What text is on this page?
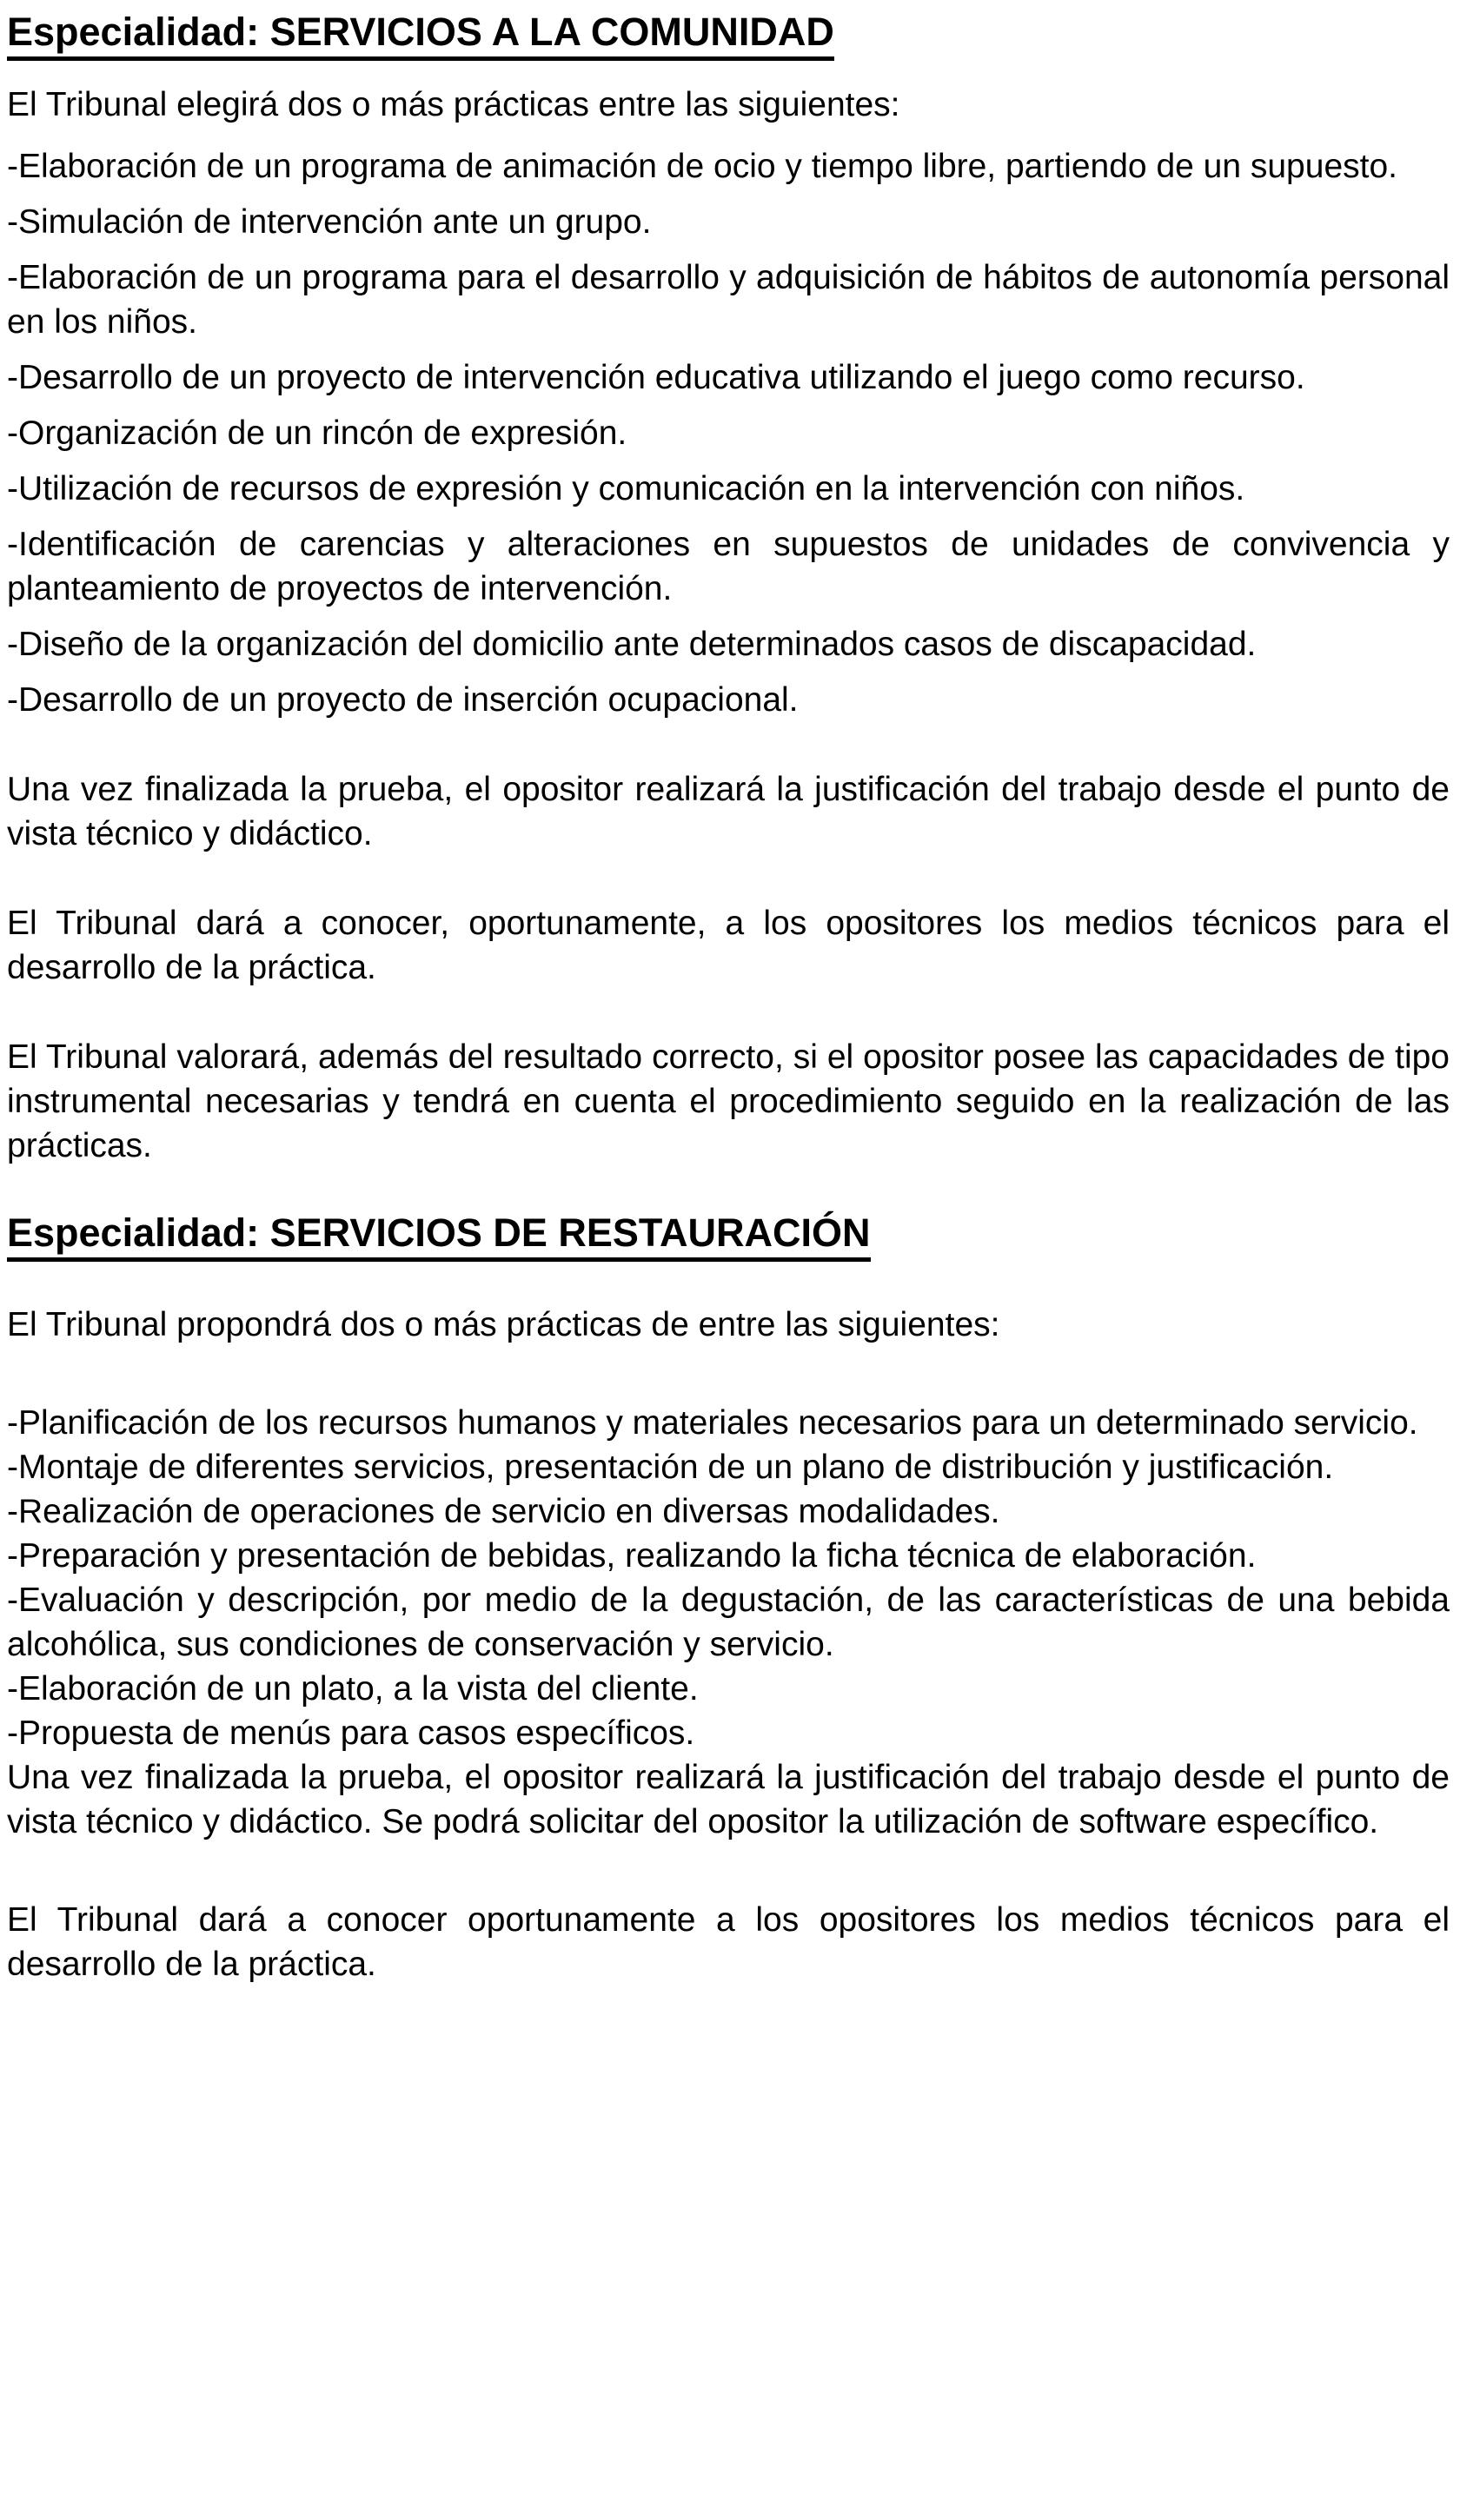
Especialidad: SERVICIOS A LA COMUNIDAD

El Tribunal elegirá dos o más prácticas entre las siguientes:

-Elaboración de un programa de animación de ocio y tiempo libre, partiendo de un supuesto.

-Simulación de intervención ante un grupo.

-Elaboración de un programa para el desarrollo y adquisición de hábitos de autonomía personal en los niños.

-Desarrollo de un proyecto de intervención educativa utilizando el juego como recurso.

-Organización de un rincón de expresión.

-Utilización de recursos de expresión y comunicación en la intervención con niños.

-Identificación de carencias y alteraciones en supuestos de unidades de convivencia y planteamiento de proyectos de intervención.

-Diseño de la organización del domicilio ante determinados casos de discapacidad.

-Desarrollo de un proyecto de inserción ocupacional.

Una vez finalizada la prueba, el opositor realizará la justificación del trabajo desde el punto de vista técnico y didáctico.

El Tribunal dará a conocer, oportunamente, a los opositores los medios técnicos para el desarrollo de la práctica.

El Tribunal valorará, además del resultado correcto, si el opositor posee las capacidades de tipo instrumental necesarias y tendrá en cuenta el procedimiento seguido en la realización de las prácticas.

Especialidad: SERVICIOS DE RESTAURACIÓN

El Tribunal propondrá dos o más prácticas de entre las siguientes:

-Planificación de los recursos humanos y materiales necesarios para un determinado servicio.

-Montaje de diferentes servicios, presentación de un plano de distribución y justificación.

-Realización de operaciones de servicio en diversas modalidades.

-Preparación y presentación de bebidas, realizando la ficha técnica de elaboración.

-Evaluación y descripción, por medio de la degustación, de las características de una bebida alcohólica, sus condiciones de conservación y servicio.

-Elaboración de un plato, a la vista del cliente.

-Propuesta de menús para casos específicos.

Una vez finalizada la prueba, el opositor realizará la justificación del trabajo desde el punto de vista técnico y didáctico. Se podrá solicitar del opositor la utilización de software específico.

El Tribunal dará a conocer oportunamente a los opositores los medios técnicos para el desarrollo de la práctica.
